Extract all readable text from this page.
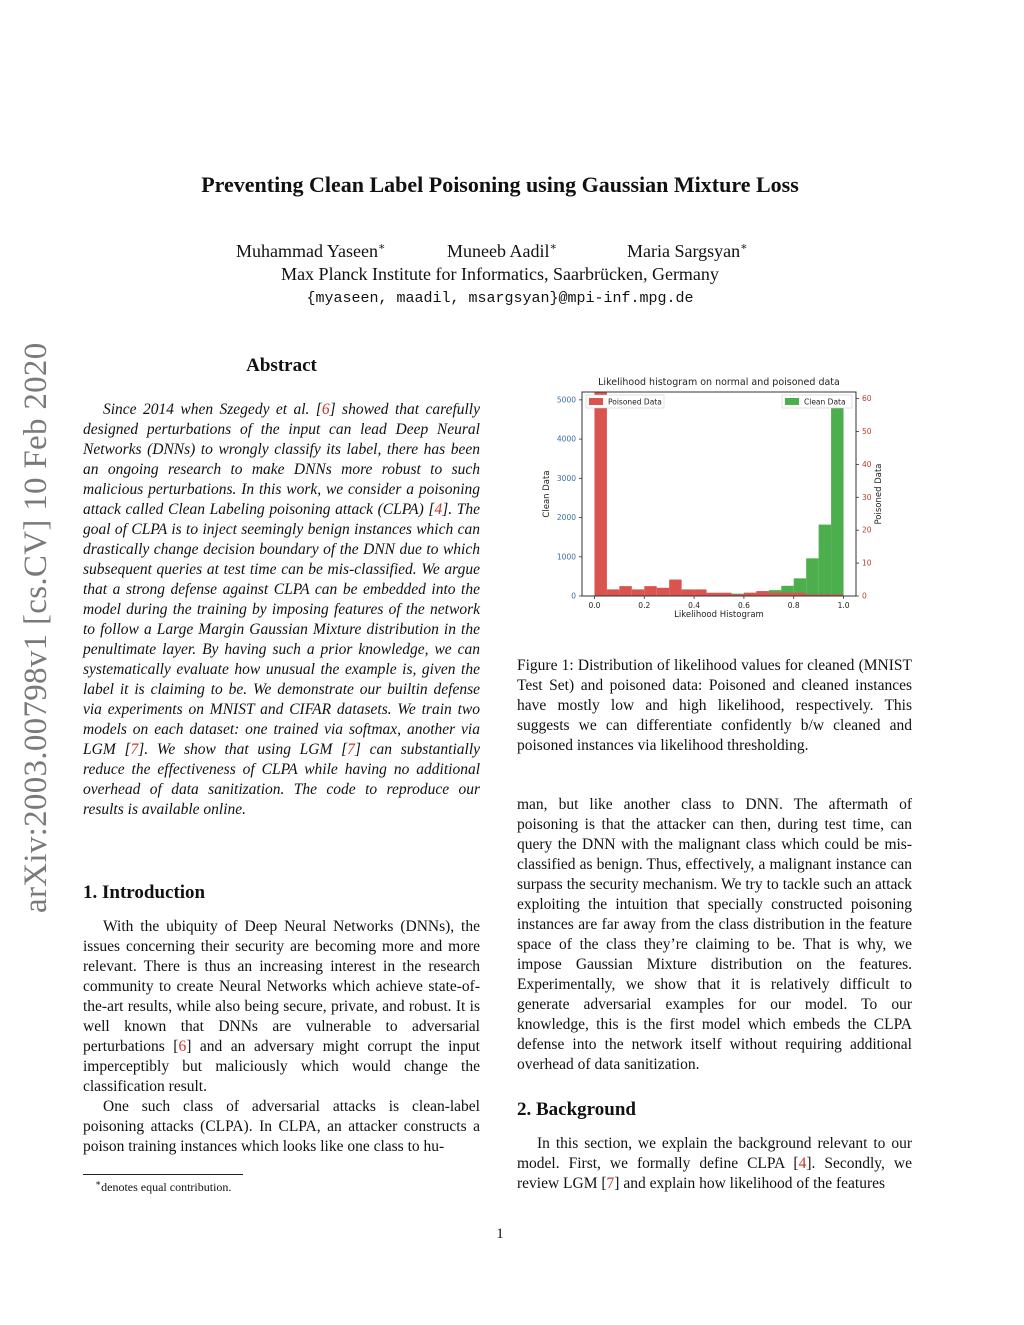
arXiv:2003.00798v1 [cs.CV] 10 Feb 2020
Preventing Clean Label Poisoning using Gaussian Mixture Loss
Muhammad Yaseen∗	Muneeb Aadil∗	Maria Sargsyan∗
Max Planck Institute for Informatics, Saarbrücken, Germany
{myaseen, maadil, msargsyan}@mpi-inf.mpg.de
Abstract

Since 2014 when Szegedy et al. [6] showed that carefully designed perturbations of the input can lead Deep Neural Networks (DNNs) to wrongly classify its label, there has been an ongoing research to make DNNs more robust to such malicious perturbations. In this work, we consider a poisoning attack called Clean Labeling poisoning attack (CLPA) [4]. The goal of CLPA is to inject seemingly benign instances which can drastically change decision boundary of the DNN due to which subsequent queries at test time can be mis-classified. We argue that a strong defense against CLPA can be embedded into the model during the training by imposing features of the network to follow a Large Margin Gaussian Mixture distribution in the penultimate layer. By having such a prior knowledge, we can systematically evaluate how unusual the example is, given the label it is claiming to be. We demonstrate our builtin defense via experiments on MNIST and CIFAR datasets. We train two models on each dataset: one trained via softmax, another via LGM [7]. We show that using LGM [7] can substantially reduce the effectiveness of CLPA while having no additional overhead of data sanitization. The code to reproduce our results is available online.

1. Introduction

With the ubiquity of Deep Neural Networks (DNNs), the issues concerning their security are becoming more and more relevant. There is thus an increasing interest in the research community to create Neural Networks which achieve state-of-the-art results, while also being secure, private, and robust. It is well known that DNNs are vulnerable to adversarial perturbations [6] and an adversary might corrupt the input imperceptibly but maliciously which would change the classification result.

One such class of adversarial attacks is clean-label poisoning attacks (CLPA). In CLPA, an attacker constructs a poison training instances which looks like one class to hu-

∗denotes equal contribution.
Likelihood histogram on normal and poisoned data
0.0	0.2	0.4	0.6	0.8	1.0
0
1000
2000
3000
4000
5000
0
10
20
30
40
50
60
Likelihood Histogram
Clean Data	Poisoned Data
Poisoned Data	Clean Data
Figure 1: Distribution of likelihood values for cleaned (MNIST Test Set) and poisoned data: Poisoned and cleaned instances have mostly low and high likelihood, respectively. This suggests we can differentiate confidently b/w cleaned and poisoned instances via likelihood thresholding.
man, but like another class to DNN. The aftermath of poisoning is that the attacker can then, during test time, can query the DNN with the malignant class which could be mis-classified as benign. Thus, effectively, a malignant instance can surpass the security mechanism. We try to tackle such an attack exploiting the intuition that specially constructed poisoning instances are far away from the class distribution in the feature space of the class they’re claiming to be. That is why, we impose Gaussian Mixture distribution on the features. Experimentally, we show that it is relatively difficult to generate adversarial examples for our model. To our knowledge, this is the first model which embeds the CLPA defense into the network itself without requiring additional overhead of data sanitization.
2. Background

In this section, we explain the background relevant to our model. First, we formally define CLPA [4]. Secondly, we review LGM [7] and explain how likelihood of the features

1
